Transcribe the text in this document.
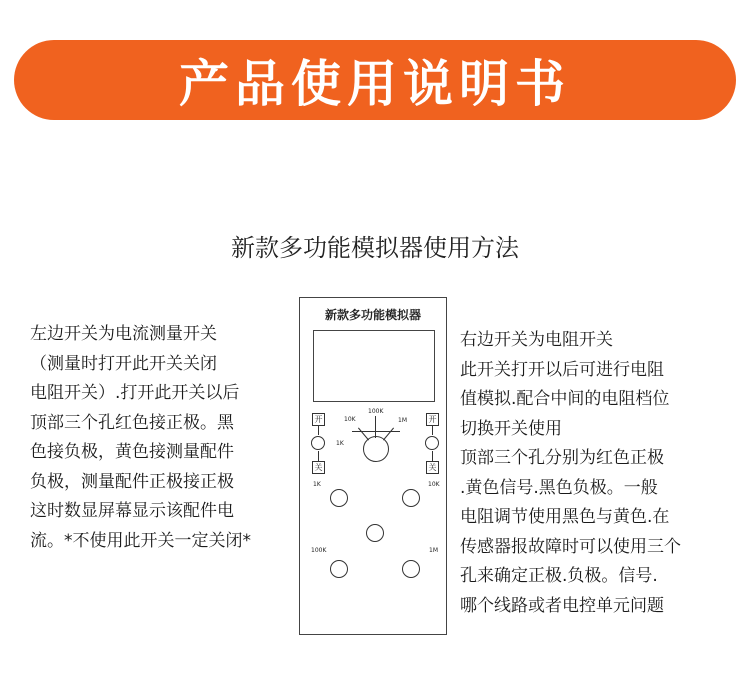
产品使用说明书
新款多功能模拟器使用方法
左边开关为电流测量开关
（测量时打开此开关关闭
电阻开关）.打开此开关以后
顶部三个孔红色接正极。黑
色接负极，黄色接测量配件
负极，测量配件正极接正极
这时数显屏幕显示该配件电
流。*不使用此开关一定关闭*
右边开关为电阻开关
此开关打开以后可进行电阻
值模拟.配合中间的电阻档位
切换开关使用
顶部三个孔分别为红色正极
.黄色信号.黑色负极。一般
电阻调节使用黑色与黄色.在
传感器报故障时可以使用三个
孔来确定正极.负极。信号.
哪个线路或者电控单元问题
新款多功能模拟器
开
关
开
关
100K
10K	1M
1K
1K	10K
100K	1M
